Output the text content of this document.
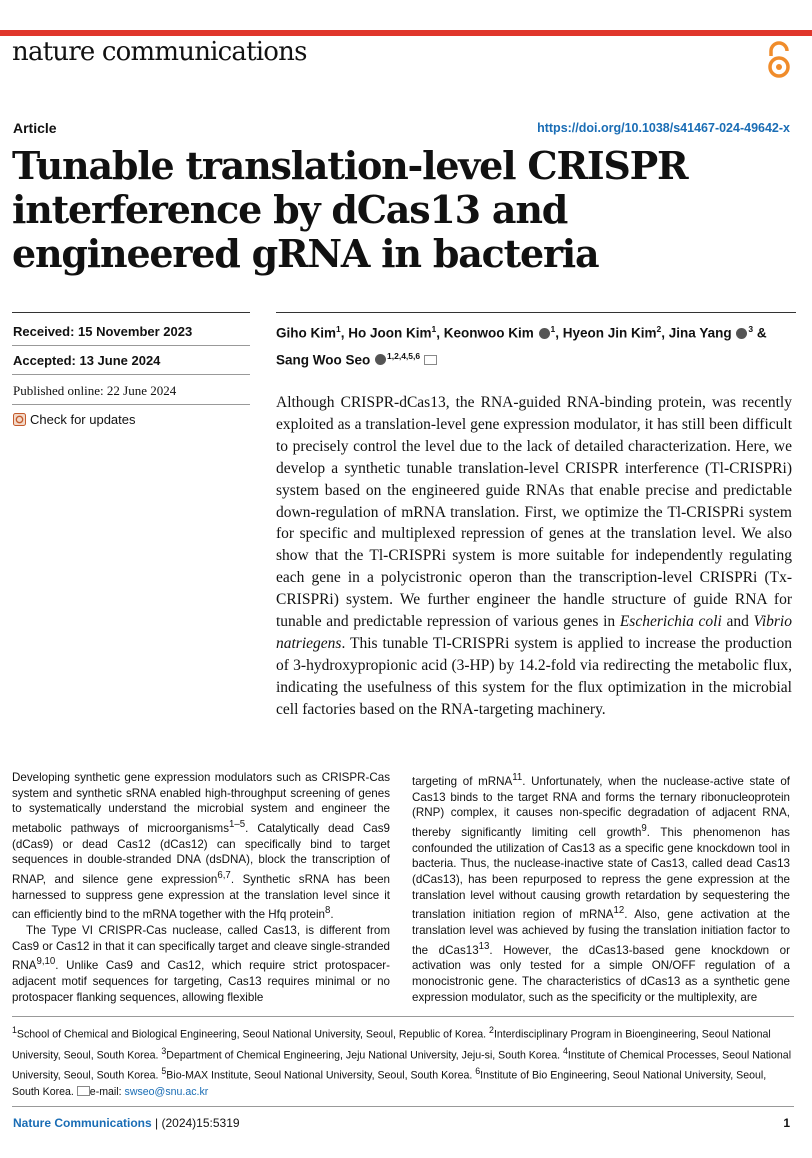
nature communications
Article	https://doi.org/10.1038/s41467-024-49642-x
Tunable translation-level CRISPR interference by dCas13 and engineered gRNA in bacteria
Received: 15 November 2023
Accepted: 13 June 2024
Published online: 22 June 2024
Check for updates
Giho Kim$^1$, Ho Joon Kim$^1$, Keonwoo Kim $^1$, Hyeon Jin Kim$^2$, Jina Yang $^3$ &
Sang Woo Seo $^{1,2,4,5,6}$

Although CRISPR-dCas13, the RNA-guided RNA-binding protein, was recently exploited as a translation-level gene expression modulator, it has still been difficult to precisely control the level due to the lack of detailed characterization. Here, we develop a synthetic tunable translation-level CRISPR interference (Tl-CRISPRi) system based on the engineered guide RNAs that enable precise and predictable down-regulation of mRNA translation. First, we optimize the Tl-CRISPRi system for specific and multiplexed repression of genes at the translation level. We also show that the Tl-CRISPRi system is more suitable for independently regulating each gene in a polycistronic operon than the transcription-level CRISPRi (Tx-CRISPRi) system. We further engineer the handle structure of guide RNA for tunable and predictable repression of various genes in Escherichia coli and Vibrio natriegens. This tunable Tl-CRISPRi system is applied to increase the production of 3-hydroxypropionic acid (3-HP) by 14.2-fold via redirecting the metabolic flux, indicating the usefulness of this system for the flux optimization in the microbial cell factories based on the RNA-targeting machinery.

Developing synthetic gene expression modulators such as CRISPR-Cas system and synthetic sRNA enabled high-throughput screening of genes to systematically understand the microbial system and engineer the metabolic pathways of microorganisms$^{1-5}$. Catalytically dead Cas9 (dCas9) or dead Cas12 (dCas12) can specifically bind to target sequences in double-stranded DNA (dsDNA), block the transcription of RNAP, and silence gene expression$^{6,7}$. Synthetic sRNA has been harnessed to suppress gene expression at the translation level since it can efficiently bind to the mRNA together with the Hfq protein$^8$.

The Type VI CRISPR-Cas nuclease, called Cas13, is different from Cas9 or Cas12 in that it can specifically target and cleave single-stranded RNA$^{9,10}$. Unlike Cas9 and Cas12, which require strict protospacer-adjacent motif sequences for targeting, Cas13 requires minimal or no protospacer flanking sequences, allowing flexible

targeting of mRNA$^{11}$. Unfortunately, when the nuclease-active state of Cas13 binds to the target RNA and forms the ternary ribonucleoprotein (RNP) complex, it causes non-specific degradation of adjacent RNA, thereby significantly limiting cell growth$^9$. This phenomenon has confounded the utilization of Cas13 as a specific gene knockdown tool in bacteria. Thus, the nuclease-inactive state of Cas13, called dead Cas13 (dCas13), has been repurposed to repress the gene expression at the translation level without causing growth retardation by sequestering the translation initiation region of mRNA$^{12}$. Also, gene activation at the translation level was achieved by fusing the translation initiation factor to the $dCas13^{13}$. However, the dCas13-based gene knockdown or activation was only tested for a simple ON/OFF regulation of a monocistronic gene. The characteristics of dCas13 as a synthetic gene expression modulator, such as the specificity or the multiplexity, are

$^1$School of Chemical and Biological Engineering, Seoul National University, Seoul, Republic of Korea. $^2$Interdisciplinary Program in Bioengineering, Seoul National University, Seoul, South Korea. $^3$Department of Chemical Engineering, Jeju National University, Jeju-si, South Korea. $^4$Institute of Chemical Processes, Seoul National University, Seoul, South Korea. $^5$Bio-MAX Institute, Seoul National University, Seoul, South Korea. $^6$Institute of Bio Engineering, Seoul National University, Seoul, South Korea. e-mail: swseo@snu.ac.kr
Nature Communications | (2024)15:5319	1
